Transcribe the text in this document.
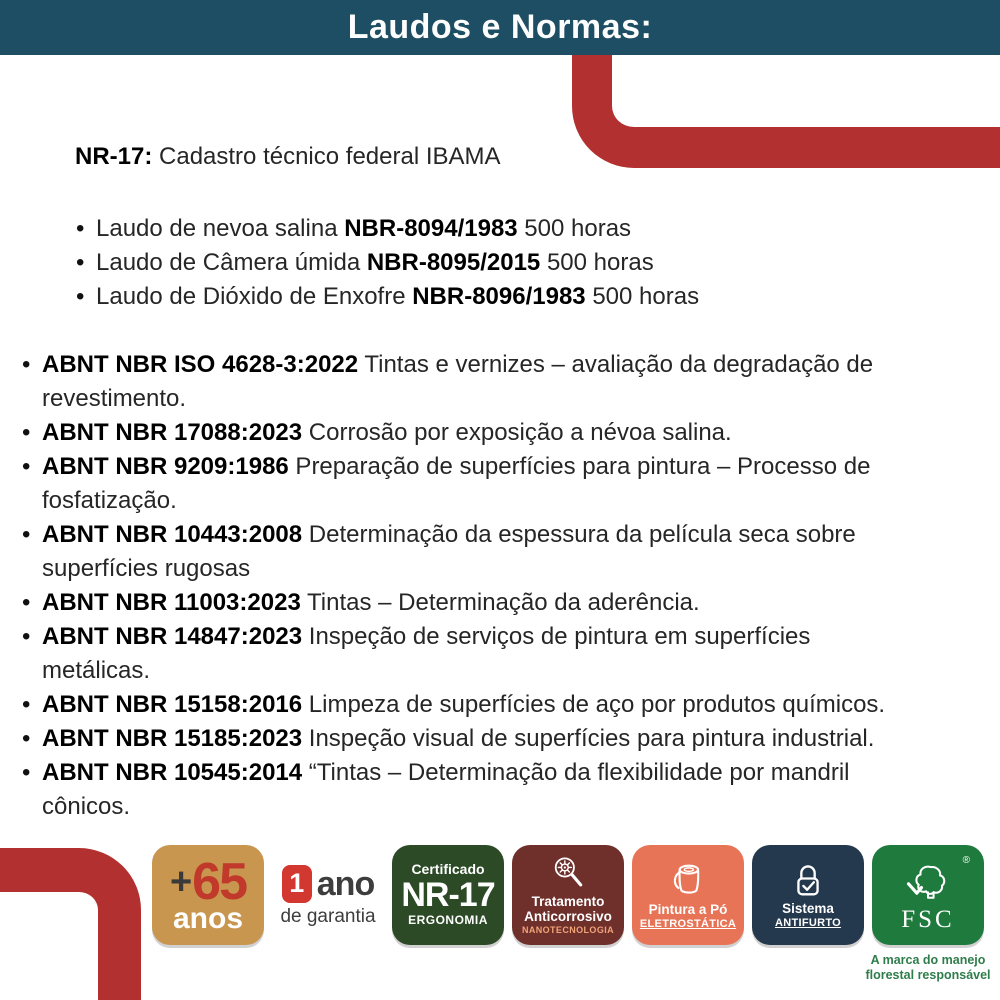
Laudos e Normas:

NR-17: Cadastro técnico federal IBAMA

• Laudo de nevoa salina NBR-8094/1983 500 horas
• Laudo de Câmera úmida NBR-8095/2015 500 horas
• Laudo de Dióxido de Enxofre NBR-8096/1983 500 horas
• ABNT NBR ISO 4628-3:2022 Tintas e vernizes – avaliação da degradação de revestimento.
• ABNT NBR 17088:2023 Corrosão por exposição a névoa salina.
• ABNT NBR 9209:1986 Preparação de superfícies para pintura – Processo de fosfatização.
• ABNT NBR 10443:2008 Determinação da espessura da película seca sobre superfícies rugosas
• ABNT NBR 11003:2023 Tintas – Determinação da aderência.
• ABNT NBR 14847:2023 Inspeção de serviços de pintura em superfícies metálicas.
• ABNT NBR 15158:2016 Limpeza de superfícies de aço por produtos químicos.
• ABNT NBR 15185:2023 Inspeção visual de superfícies para pintura industrial.
• ABNT NBR 10545:2014 “Tintas – Determinação da flexibilidade por mandril cônicos.
+ 65
anos
1 ano
de garantia
Certificado
NR-17
ERGONOMIA
Tratamento
Anticorrosivo
NANOTECNOLOGIA
Pintura a Pó
ELETROSTÁTICA
Sistema
ANTIFURTO
®
FSC
A marca do manejo
florestal responsável
